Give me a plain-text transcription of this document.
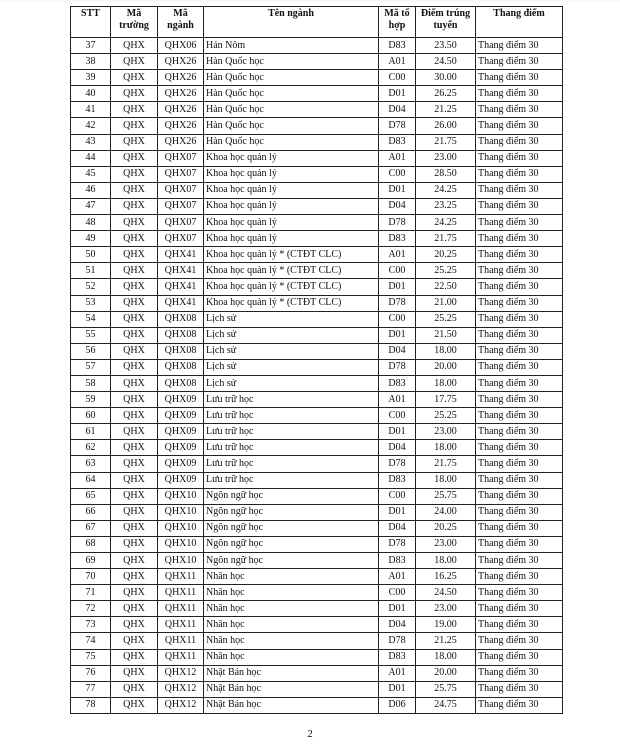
STT	Mã trường	Mã ngành	Tên ngành	Mã tổ hợp	Điểm trúng tuyển	Thang điểm
37	QHX	QHX06	Hán Nôm	D83	23.50	Thang điểm 30
38	QHX	QHX26	Hàn Quốc học	A01	24.50	Thang điểm 30
39	QHX	QHX26	Hàn Quốc học	C00	30.00	Thang điểm 30
40	QHX	QHX26	Hàn Quốc học	D01	26.25	Thang điểm 30
41	QHX	QHX26	Hàn Quốc học	D04	21.25	Thang điểm 30
42	QHX	QHX26	Hàn Quốc học	D78	26.00	Thang điểm 30
43	QHX	QHX26	Hàn Quốc học	D83	21.75	Thang điểm 30
44	QHX	QHX07	Khoa học quản lý	A01	23.00	Thang điểm 30
45	QHX	QHX07	Khoa học quản lý	C00	28.50	Thang điểm 30
46	QHX	QHX07	Khoa học quản lý	D01	24.25	Thang điểm 30
47	QHX	QHX07	Khoa học quản lý	D04	23.25	Thang điểm 30
48	QHX	QHX07	Khoa học quản lý	D78	24.25	Thang điểm 30
49	QHX	QHX07	Khoa học quản lý	D83	21.75	Thang điểm 30
50	QHX	QHX41	Khoa học quản lý * (CTĐT CLC)	A01	20.25	Thang điểm 30
51	QHX	QHX41	Khoa học quản lý * (CTĐT CLC)	C00	25.25	Thang điểm 30
52	QHX	QHX41	Khoa học quản lý * (CTĐT CLC)	D01	22.50	Thang điểm 30
53	QHX	QHX41	Khoa học quản lý * (CTĐT CLC)	D78	21.00	Thang điểm 30
54	QHX	QHX08	Lịch sử	C00	25.25	Thang điểm 30
55	QHX	QHX08	Lịch sử	D01	21.50	Thang điểm 30
56	QHX	QHX08	Lịch sử	D04	18.00	Thang điểm 30
57	QHX	QHX08	Lịch sử	D78	20.00	Thang điểm 30
58	QHX	QHX08	Lịch sử	D83	18.00	Thang điểm 30
59	QHX	QHX09	Lưu trữ học	A01	17.75	Thang điểm 30
60	QHX	QHX09	Lưu trữ học	C00	25.25	Thang điểm 30
61	QHX	QHX09	Lưu trữ học	D01	23.00	Thang điểm 30
62	QHX	QHX09	Lưu trữ học	D04	18.00	Thang điểm 30
63	QHX	QHX09	Lưu trữ học	D78	21.75	Thang điểm 30
64	QHX	QHX09	Lưu trữ học	D83	18.00	Thang điểm 30
65	QHX	QHX10	Ngôn ngữ học	C00	25.75	Thang điểm 30
66	QHX	QHX10	Ngôn ngữ học	D01	24.00	Thang điểm 30
67	QHX	QHX10	Ngôn ngữ học	D04	20.25	Thang điểm 30
68	QHX	QHX10	Ngôn ngữ học	D78	23.00	Thang điểm 30
69	QHX	QHX10	Ngôn ngữ học	D83	18.00	Thang điểm 30
70	QHX	QHX11	Nhân học	A01	16.25	Thang điểm 30
71	QHX	QHX11	Nhân học	C00	24.50	Thang điểm 30
72	QHX	QHX11	Nhân học	D01	23.00	Thang điểm 30
73	QHX	QHX11	Nhân học	D04	19.00	Thang điểm 30
74	QHX	QHX11	Nhân học	D78	21.25	Thang điểm 30
75	QHX	QHX11	Nhân học	D83	18.00	Thang điểm 30
76	QHX	QHX12	Nhật Bản học	A01	20.00	Thang điểm 30
77	QHX	QHX12	Nhật Bản học	D01	25.75	Thang điểm 30
78	QHX	QHX12	Nhật Bản học	D06	24.75	Thang điểm 30
2
